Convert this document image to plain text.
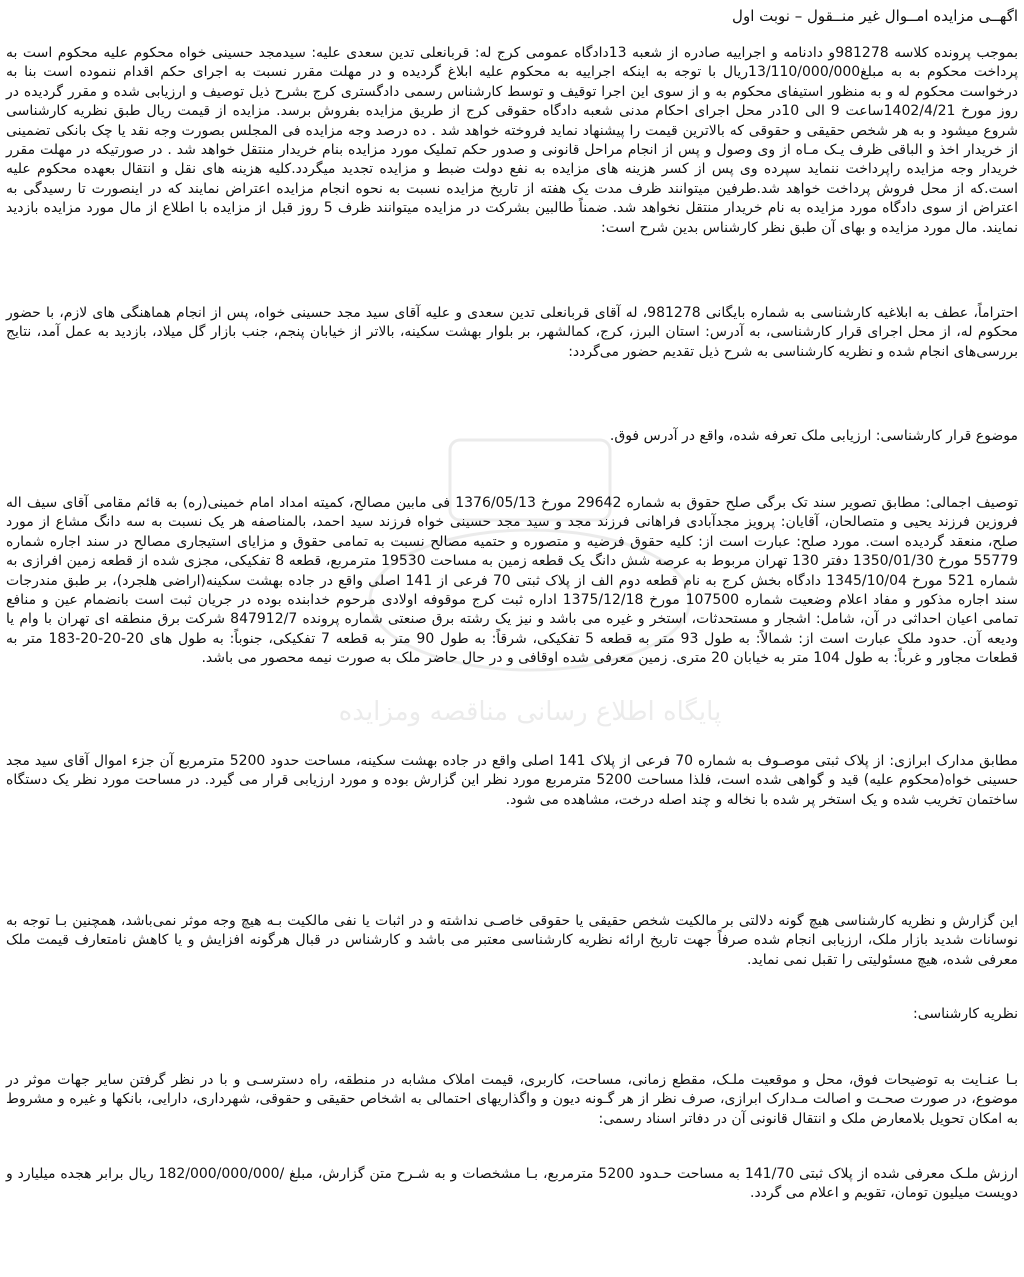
پایگاه اطلاع رسانی مناقصه ومزایده

اگهــی مزایده امــوال غیر منــقول – نوبت اول

بموجب پرونده کلاسه 981278و دادنامه و اجراییه صادره از شعبه 13دادگاه عمومی کرج له: قربانعلی تدین سعدی علیه: سیدمجد حسینی خواه محکوم علیه محکوم است به پرداخت محکوم به به مبلغ13/110/000/000ریال با توجه به اینکه اجراییه به محکوم علیه ابلاغ گردیده و در مهلت مقرر نسبت به اجرای حکم اقدام ننموده است بنا به درخواست محکوم له و به منظور استیفای محکوم به و از سوی این اجرا توقیف و توسط کارشناس رسمی دادگستری کرج بشرح ذیل توصیف و ارزیابی شده و مقرر گردیده در روز مورخ 1402/4/21ساعت 9 الی 10در محل اجرای احکام مدنی شعبه دادگاه حقوقی کرج از طریق مزایده بفروش برسد. مزایده از قیمت ریال طبق نظریه کارشناسی شروع میشود و به هر شخص حقیقی و حقوقی که بالاترین قیمت را پیشنهاد نماید فروخته خواهد شد . ده درصد وجه مزایده فی المجلس بصورت وجه نقد یا چک بانکی تضمینی از خریدار اخذ و الباقی ظرف یـک مـاه از وی وصول و پس از انجام مراحل قانونی و صدور حکم تملیک مورد مزایده بنام خریدار منتقل خواهد شد . در صورتیکه در مهلت مقرر خریدار وجه مزایده راپرداخت ننماید سپرده وی پس از کسر هزینه های مزایده به نفع دولت ضبط و مزایده تجدید میگردد.کلیه هزینه های نقل و انتقال بعهده محکوم علیه است.که از محل فروش پرداخت خواهد شد.طرفین میتوانند ظرف مدت یک هفته از تاریخ مزایده نسبت به نحوه انجام مزایده اعتراض نمایند که در اینصورت تا رسیدگی به اعتراض از سوی دادگاه مورد مزایده به نام خریدار منتقل نخواهد شد. ضمناً طالبین بشرکت در مزایده میتوانند ظرف 5 روز قبل از مزایده با اطلاع از مال مورد مزایده بازدید نمایند. مال مورد مزایده و بهای آن طبق نظر کارشناس بدین شرح است:

احتراماً، عطف به ابلاغیه کارشناسی به شماره بایگانی 981278، له آقای قربانعلی تدین سعدی و علیه آقای سید مجد حسینی خواه، پس از انجام هماهنگی های لازم، با حضور محکوم له، از محل اجرای قرار کارشناسی، به آدرس: استان البرز، کرج، کمالشهر، بر بلوار بهشت سکینه، بالاتر از خیابان پنجم، جنب بازار گل میلاد، بازدید به عمل آمد، نتایج بررسی‌های انجام شده و نظریه کارشناسی به شرح ذیل تقدیم حضور می‌گردد:

موضوع قرار کارشناسی: ارزیابی ملک تعرفه شده، واقع در آدرس فوق.

توصیف اجمالی: مطابق تصویر سند تک برگی صلح حقوق به شماره 29642 مورخ 1376/05/13 فی مابین مصالح، کمیته امداد امام خمینی(ره) به قائم مقامی آقای سیف اله فروزین فرزند یحیی و متصالحان، آقایان: پرویز مجدآبادی فراهانی فرزند مجد و سید مجد حسینی خواه فرزند سید احمد، بالمناصفه هر یک نسبت به سه دانگ مشاع از مورد صلح، منعقد گردیده است. مورد صلح: عبارت است از: کلیه حقوق فرضیه و متصوره و حتمیه مصالح نسبت به تمامی حقوق و مزایای استیجاری مصالح در سند اجاره شماره 55779 مورخ 1350/01/30 دفتر 130 تهران مربوط به عرصه شش دانگ یک قطعه زمین به مساحت 19530 مترمربع، قطعه 8 تفکیکی، مجزی شده از قطعه زمین افرازی به شماره 521 مورخ 1345/10/04 دادگاه بخش کرج به نام قطعه دوم الف از پلاک ثبتی 70 فرعی از 141 اصلی واقع در جاده بهشت سکینه(اراضی هلجرد)، بر طبق مندرجات سند اجاره مذکور و مفاد اعلام وضعیت شماره 107500 مورخ 1375/12/18 اداره ثبت کرج موقوفه اولادی مرحوم خدابنده بوده در جریان ثبت است بانضمام عین و منافع تمامی اعیان احداثی در آن، شامل: اشجار و مستحدثات، استخر و غیره می باشد و نیز یک رشته برق صنعتی شماره پرونده 847912/7 شرکت برق منطقه ای تهران با وام یا ودیعه آن. حدود ملک عبارت است از: شمالاً: به طول 93 متر به قطعه 5 تفکیکی، شرقاً: به طول 90 متر به قطعه 7 تفکیکی، جنوباً: به طول های 20-20-20-183 متر به قطعات مجاور و غرباً: به طول 104 متر به خیابان 20 متری. زمین معرفی شده اوقافی و در حال حاضر ملک به صورت نیمه محصور می باشد.

مطابق مدارک ابرازی: از پلاک ثبتی موصـوف به شماره 70 فرعی از پلاک 141 اصلی واقع در جاده بهشت سکینه، مساحت حدود 5200 مترمربع آن جزء اموال آقای سید مجد حسینی خواه(محکوم علیه) قید و گواهی شده است، فلذا مساحت 5200 مترمربع مورد نظر این گزارش بوده و مورد ارزیابی قرار می گیرد. در مساحت مورد نظر یک دستگاه ساختمان تخریب شده و یک استخر پر شده با نخاله و چند اصله درخت، مشاهده می شود.

این گزارش و نظریه کارشناسی هیچ گونه دلالتی بر مالکیت شخص حقیقی یا حقوقی خاصـی نداشته و در اثبات یا نفی مالکیت بـه هیچ وجه موثر نمی‌باشد، همچنین بـا توجه به نوسانات شدید بازار ملک، ارزیابی انجام شده صرفاً جهت تاریخ ارائه نظریه کارشناسی معتبر می باشد و کارشناس در قبال هرگونه افزایش و یا کاهش نامتعارف قیمت ملک معرفی شده، هیچ مسئولیتی را تقبل نمی نماید.

نظریه کارشناسی:

بـا عنـایت به توضیحات فوق، محل و موقعیت ملـک، مقطع زمانی، مساحت، کاربری، قیمت املاک مشابه در منطقه، راه دسترسـی و با در نظر گرفتن سایر جهات موثر در موضوع، در صورت صحـت و اصالت مـدارک ابرازی، صرف نظر از هر گـونه دیون و واگذاریهای احتمالی به اشخاص حقیقی و حقوقی، شهرداری، دارایی، بانکها و غیره و مشروط به امکان تحویل بلامعارض ملک و انتقال قانونی آن در دفاتر اسناد رسمی:

ارزش ملـک معرفی شده از پلاک ثبتی 141/70 به مساحت حـدود 5200 مترمربع، بـا مشخصات و به شـرح متن گزارش، مبلغ /182/000/000/000 ریال برابر هجده میلیارد و دویست میلیون تومان، تقویم و اعلام می گردد.
